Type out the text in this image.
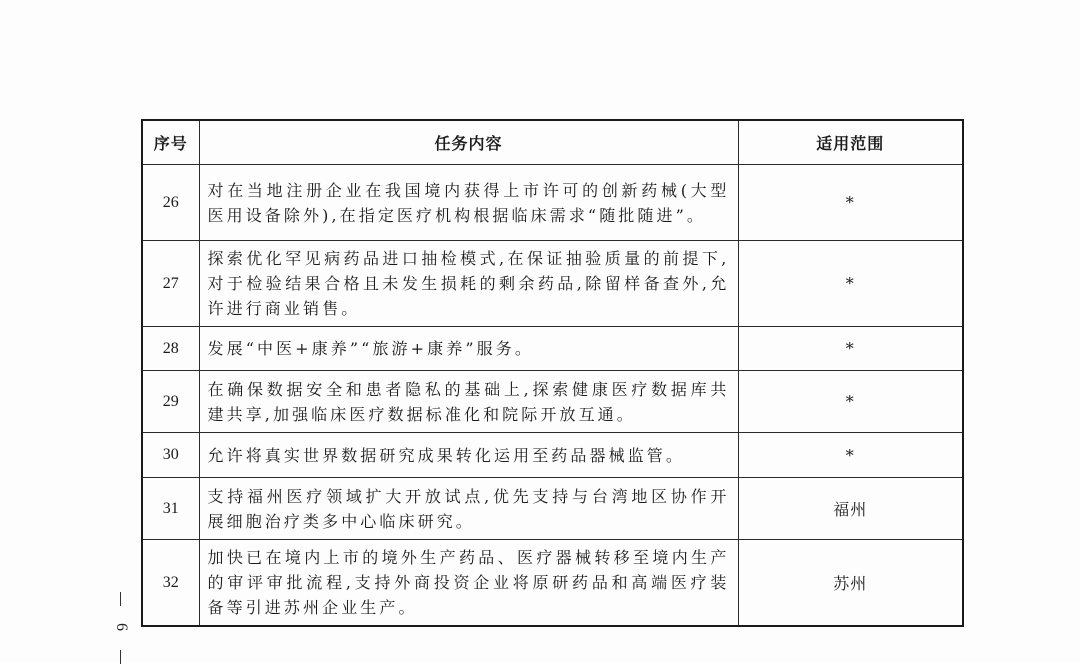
序号	任务内容	适用范围
26	对在当地注册企业在我国境内获得上市许可的创新药械(大型医用设备除外),在指定医疗机构根据临床需求“随批随进”。	*
27	探索优化罕见病药品进口抽检模式,在保证抽验质量的前提下,对于检验结果合格且未发生损耗的剩余药品,除留样备查外,允许进行商业销售。	*
28	发展“中医+康养”“旅游+康养”服务。	*
29	在确保数据安全和患者隐私的基础上,探索健康医疗数据库共建共享,加强临床医疗数据标准化和院际开放互通。	*
30	允许将真实世界数据研究成果转化运用至药品器械监管。	*
31	支持福州医疗领域扩大开放试点,优先支持与台湾地区协作开展细胞治疗类多中心临床研究。	福州
32	加快已在境内上市的境外生产药品、医疗器械转移至境内生产的审评审批流程,支持外商投资企业将原研药品和高端医疗装备等引进苏州企业生产。	苏州
6
